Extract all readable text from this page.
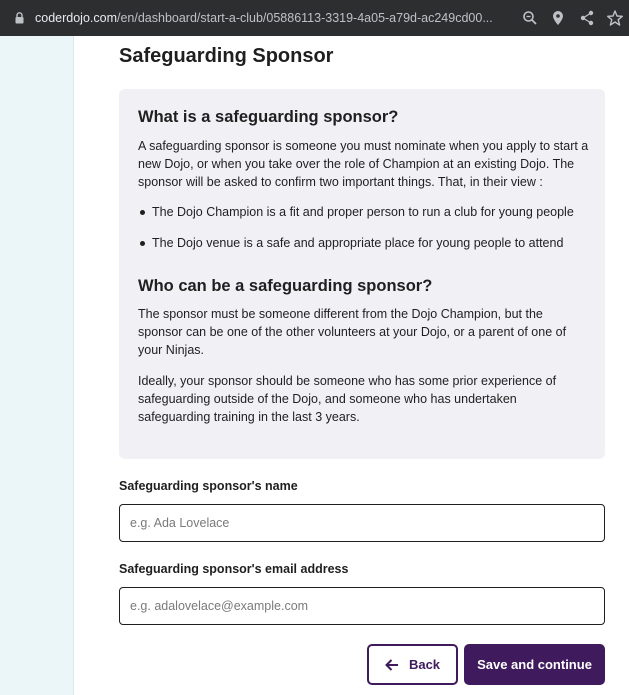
coderdojo.com/en/dashboard/start-a-club/05886113-3319-4a05-a79d-ac249cd00...
Safeguarding Sponsor
What is a safeguarding sponsor?

A safeguarding sponsor is someone you must nominate when you apply to start a new Dojo, or when you take over the role of Champion at an existing Dojo. The sponsor will be asked to confirm two important things. That, in their view :

The Dojo Champion is a fit and proper person to run a club for young people
The Dojo venue is a safe and appropriate place for young people to attend
Who can be a safeguarding sponsor?

The sponsor must be someone different from the Dojo Champion, but the sponsor can be one of the other volunteers at your Dojo, or a parent of one of your Ninjas.

Ideally, your sponsor should be someone who has some prior experience of safeguarding outside of the Dojo, and someone who has undertaken safeguarding training in the last 3 years.

Safeguarding sponsor's name
e.g. Ada Lovelace
Safeguarding sponsor's email address
e.g. adalovelace@example.com
Back	Save and continue
